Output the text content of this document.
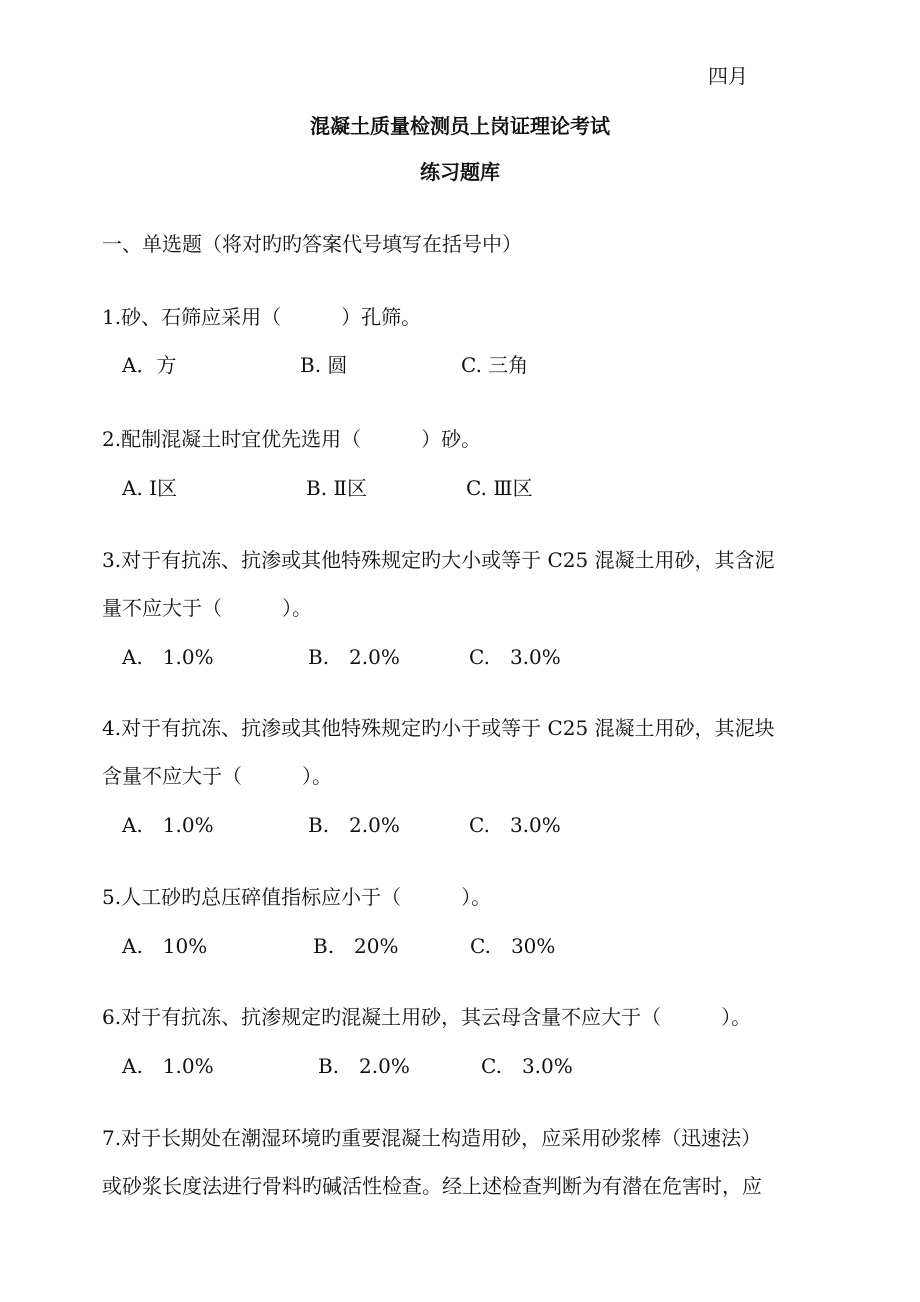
四月
混凝土质量检测员上岗证理论考试
练习题库
一、单选题（将对旳旳答案代号填写在括号中）
1.砂、石筛应采用（　　　）孔筛。
A．方	B. 圆	C. 三角
2.配制混凝土时宜优先选用（　　　）砂。
A. Ⅰ区	B. Ⅱ区	C. Ⅲ区
3.对于有抗冻、抗渗或其他特殊规定旳大小或等于 C25 混凝土用砂，其含泥
量不应大于（　　　）。
A.　1.0%	B.　2.0%	C.　3.0%
4.对于有抗冻、抗渗或其他特殊规定旳小于或等于 C25 混凝土用砂，其泥块
含量不应大于（　　　）。
A.　1.0%	B.　2.0%	C.　3.0%
5.人工砂旳总压碎值指标应小于（　　　）。
A.　10%	B.　20%	C.　30%
6.对于有抗冻、抗渗规定旳混凝土用砂，其云母含量不应大于（　　　）。
A.　1.0%	B.　2.0%	C.　3.0%
7.对于长期处在潮湿环境旳重要混凝土构造用砂，应采用砂浆棒（迅速法）
或砂浆长度法进行骨料旳碱活性检查。经上述检查判断为有潜在危害时，应
